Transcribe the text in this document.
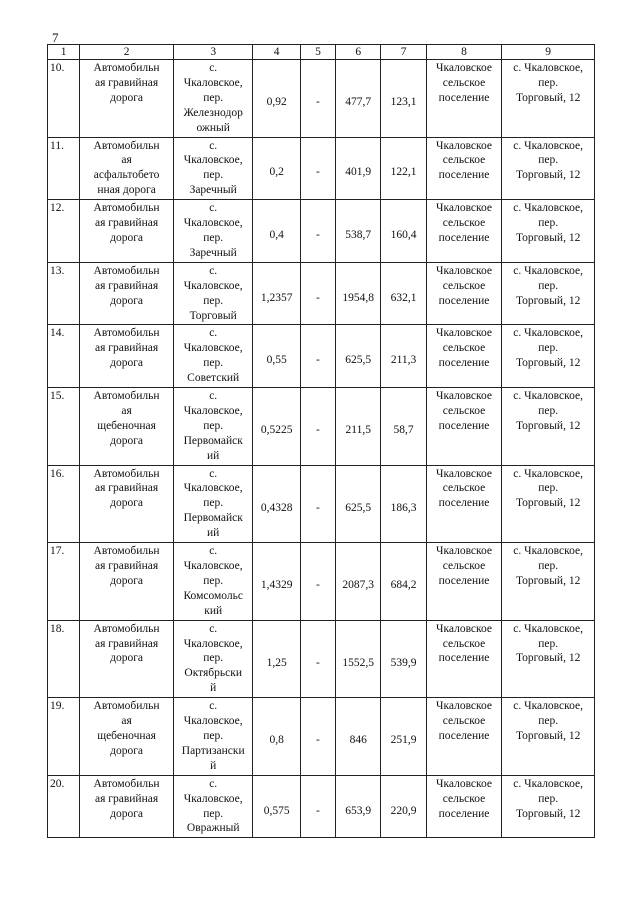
7
1	2	3	4	5	6	7	8	9
10.	Автомобильн
ая гравийная
дорога	с.
Чкаловское,
пер.
Железнодор
ожный	0,92	-	477,7	123,1	Чкаловское
сельское
поселение	с. Чкаловское,
пер.
Торговый, 12

11.	Автомобильн
ая
асфальтобето
нная дорога	с.
Чкаловское,
пер.
Заречный	0,2	-	401,9	122,1	Чкаловское
сельское
поселение	с. Чкаловское,
пер.
Торговый, 12

12.	Автомобильн
ая гравийная
дорога	с.
Чкаловское,
пер.
Заречный	0,4	-	538,7	160,4	Чкаловское
сельское
поселение	с. Чкаловское,
пер.
Торговый, 12

13.	Автомобильн
ая гравийная
дорога	с.
Чкаловское,
пер.
Торговый	1,2357	-	1954,8	632,1	Чкаловское
сельское
поселение	с. Чкаловское,
пер.
Торговый, 12

14.	Автомобильн
ая гравийная
дорога	с.
Чкаловское,
пер.
Советский	0,55	-	625,5	211,3	Чкаловское
сельское
поселение	с. Чкаловское,
пер.
Торговый, 12

15.	Автомобильн
ая
щебеночная
дорога	с.
Чкаловское,
пер.
Первомайск
ий	0,5225	-	211,5	58,7	Чкаловское
сельское
поселение	с. Чкаловское,
пер.
Торговый, 12

16.	Автомобильн
ая гравийная
дорога	с.
Чкаловское,
пер.
Первомайск
ий	0,4328	-	625,5	186,3	Чкаловское
сельское
поселение	с. Чкаловское,
пер.
Торговый, 12

17.	Автомобильн
ая гравийная
дорога	с.
Чкаловское,
пер.
Комсомольс
кий	1,4329	-	2087,3	684,2	Чкаловское
сельское
поселение	с. Чкаловское,
пер.
Торговый, 12

18.	Автомобильн
ая гравийная
дорога	с.
Чкаловское,
пер.
Октябрьски
й	1,25	-	1552,5	539,9	Чкаловское
сельское
поселение	с. Чкаловское,
пер.
Торговый, 12

19.	Автомобильн
ая
щебеночная
дорога	с.
Чкаловское,
пер.
Партизански
й	0,8	-	846	251,9	Чкаловское
сельское
поселение	с. Чкаловское,
пер.
Торговый, 12

20.	Автомобильн
ая гравийная
дорога	с.
Чкаловское,
пер.
Овражный	0,575	-	653,9	220,9	Чкаловское
сельское
поселение	с. Чкаловское,
пер.
Торговый, 12
